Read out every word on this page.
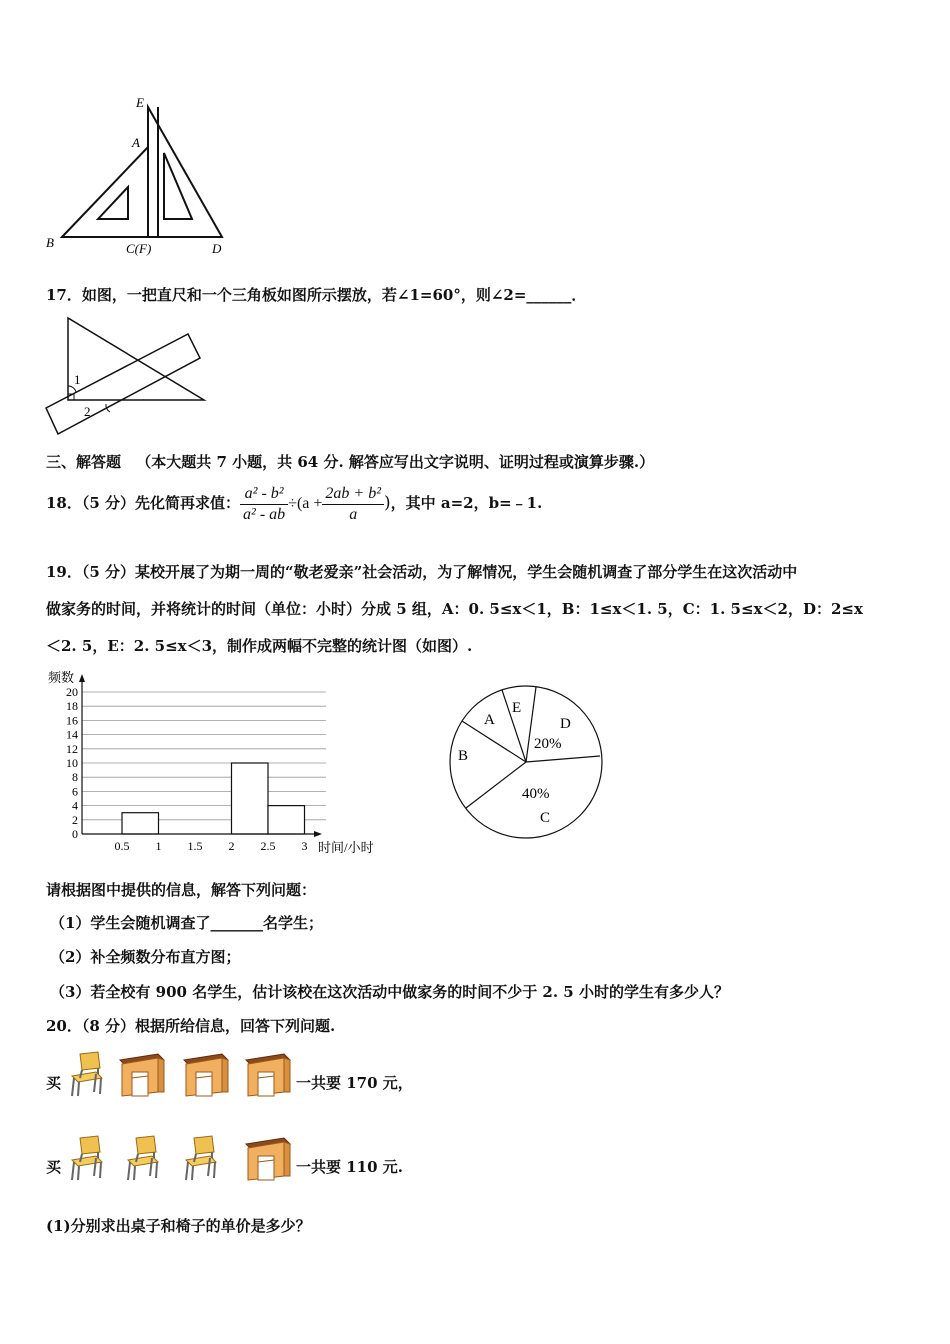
E
A
B	C(F)	D
17．如图，一把直尺和一个三角板如图所示摆放，若∠1=60°，则∠2=______．
1
2
三、解答题 （本大题共 7 小题，共 64 分. 解答应写出文字说明、证明过程或演算步骤.）
18．（5 分）先化简再求值： $\frac{\text{a² - b²}}{\text{a² - ab}} \div(a + \frac{\text{2ab + b²}}{a}$ )，其中 a=2，b=﹣1.
19．（5 分）某校开展了为期一周的“敬老爱亲”社会活动，为了解情况，学生会随机调查了部分学生在这次活动中
做家务的时间，并将统计的时间（单位：小时）分成 5 组，A：0. 5≤x＜1，B：1≤x＜1. 5，C：1. 5≤x＜2，D：2≤x
＜2. 5，E：2. 5≤x＜3，制作成两幅不完整的统计图（如图）.
频数
时间/小时
0
2
4
6
8
10
12
14
16
18
20
0.5 1 1.5 2 2.5 3
A
E
D
20%
40%
C
B
请根据图中提供的信息，解答下列问题：
（1）学生会随机调查了_______名学生；
（2）补全频数分布直方图；
（3）若全校有 900 名学生，估计该校在这次活动中做家务的时间不少于 2. 5 小时的学生有多少人？
20．（8 分）根据所给信息，回答下列问题.
买	一共要 170 元，
买	一共要 110 元.
(1)分别求出桌子和椅子的单价是多少？
